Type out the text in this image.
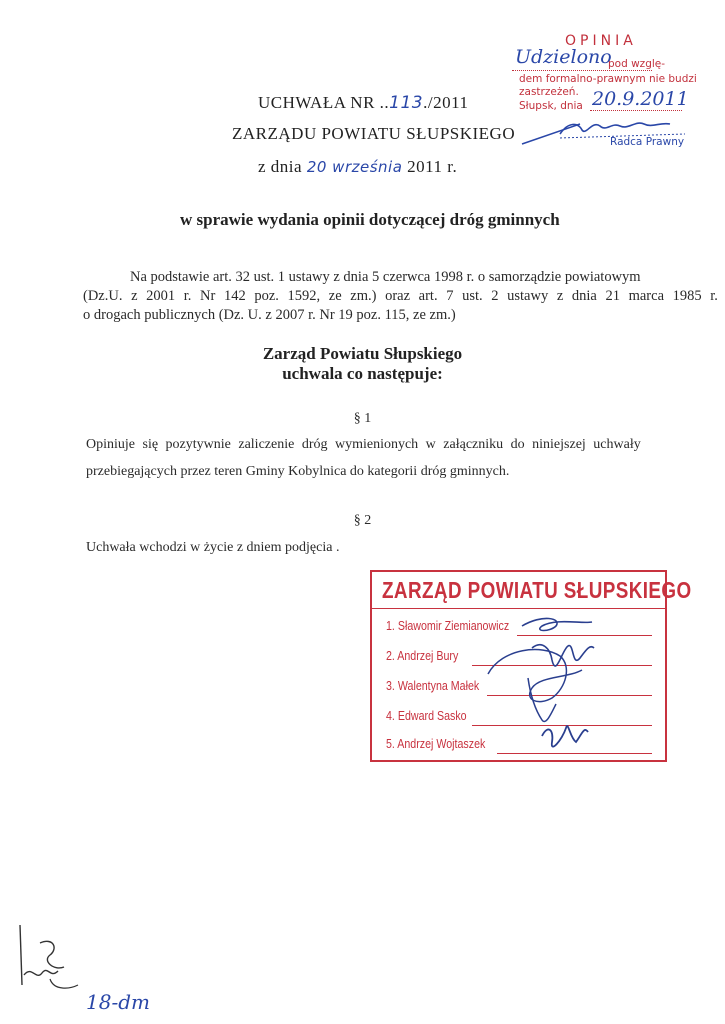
OPINIA
Udzielono
pod wzglę-
dem formalno-prawnym nie budzi
zastrzeżeń.
Słupsk, dnia 20.9.2011
Radca Prawny
UCHWAŁA NR ..113./2011
ZARZĄDU POWIATU SŁUPSKIEGO
z dnia 20 września 2011 r.
w sprawie wydania opinii dotyczącej dróg gminnych
Na podstawie art. 32 ust. 1 ustawy z dnia 5 czerwca 1998 r. o samorządzie powiatowym
(Dz.U. z 2001 r. Nr 142 poz. 1592, ze zm.) oraz art. 7 ust. 2 ustawy z dnia 21 marca 1985 r.
o drogach publicznych (Dz. U. z 2007 r. Nr 19 poz. 115, ze zm.)
Zarząd Powiatu Słupskiego
uchwala co następuje:
§ 1
Opiniuje się pozytywnie zaliczenie dróg wymienionych w załączniku do niniejszej uchwały
przebiegających przez teren Gminy Kobylnica do kategorii dróg gminnych.
§ 2
Uchwała wchodzi w życie z dniem podjęcia .
ZARZĄD POWIATU SŁUPSKIEGO
1. Sławomir Ziemianowicz
2. Andrzej Bury
3. Walentyna Małek
4. Edward Sasko
5. Andrzej Wojtaszek
18-dm
